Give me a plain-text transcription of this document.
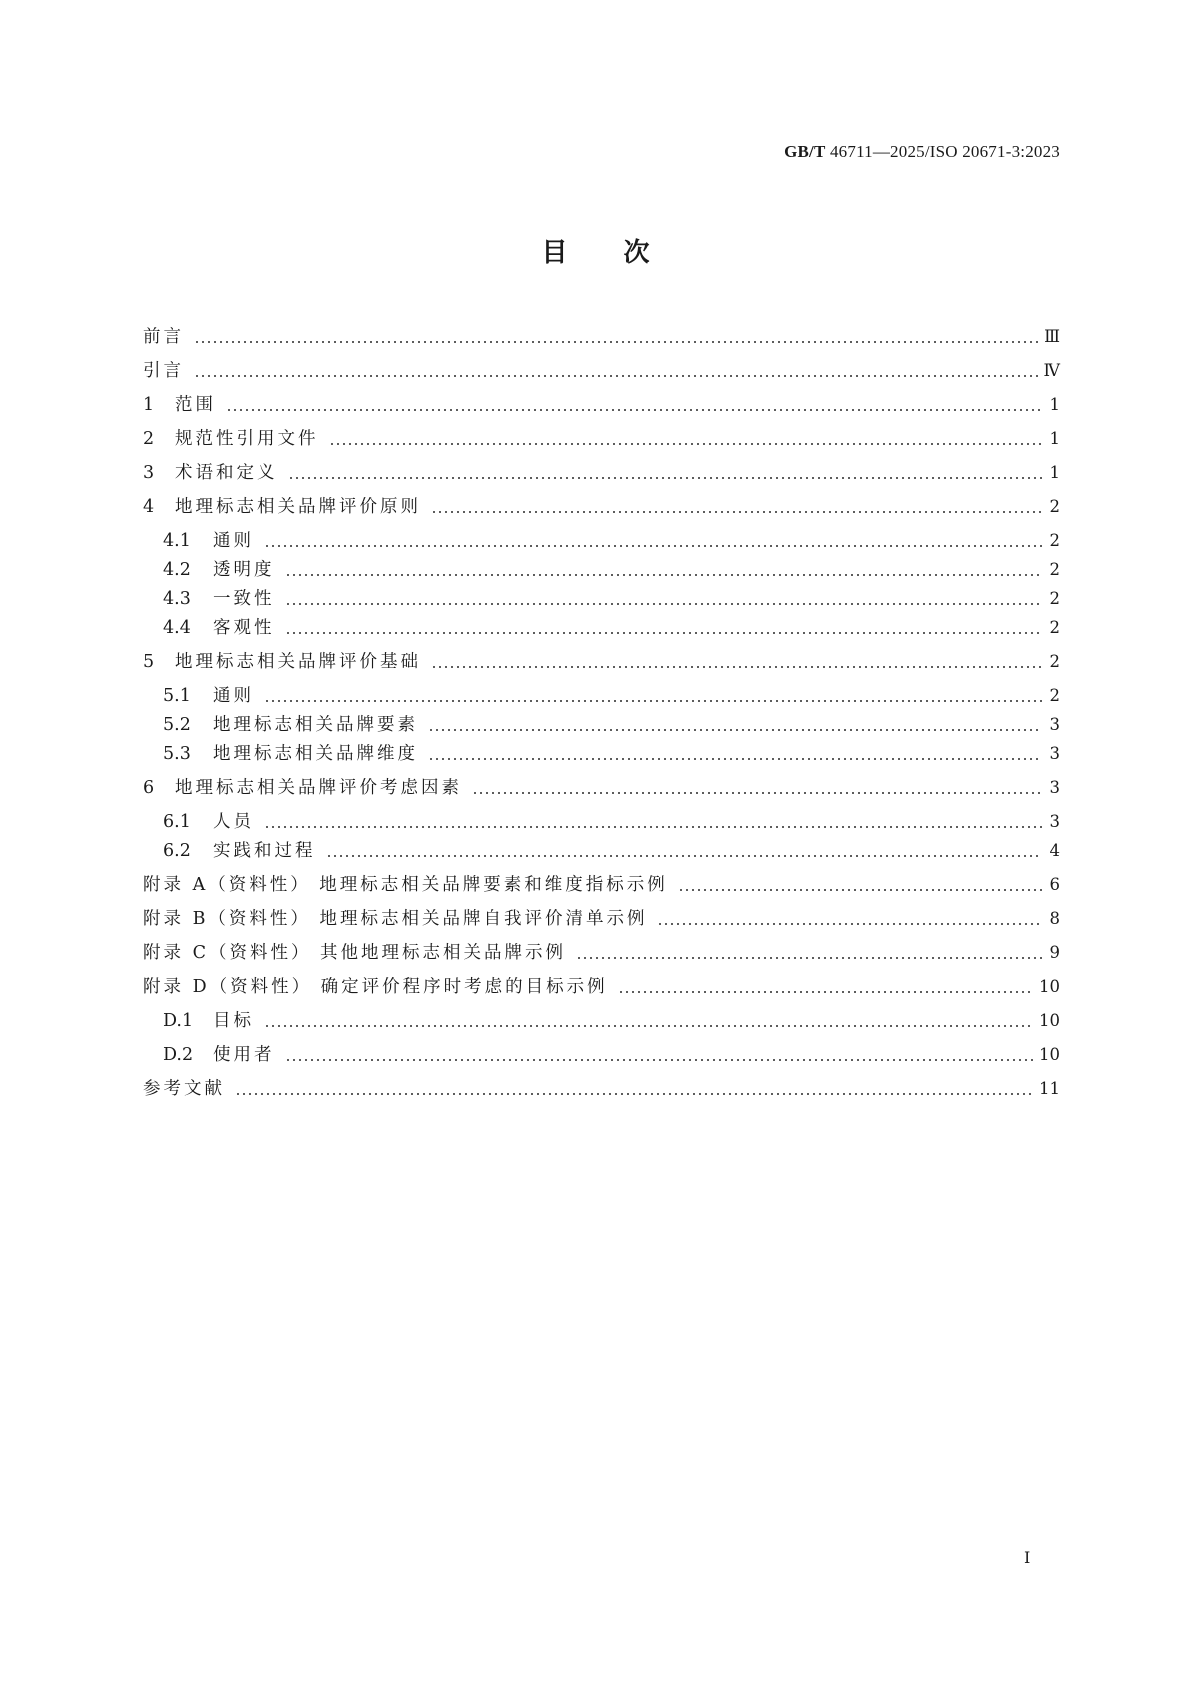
GB/T 46711—2025/ISO 20671-3:2023
目次
前言	Ⅲ
引言	Ⅳ
1	范围	1
2	规范性引用文件	1
3	术语和定义	1
4	地理标志相关品牌评价原则	2
4.1	通则	2
4.2	透明度	2
4.3	一致性	2
4.4	客观性	2
5	地理标志相关品牌评价基础	2
5.1	通则	2
5.2	地理标志相关品牌要素	3
5.3	地理标志相关品牌维度	3
6	地理标志相关品牌评价考虑因素	3
6.1	人员	3
6.2	实践和过程	4
附录 A（资料性） 地理标志相关品牌要素和维度指标示例	6
附录 B（资料性） 地理标志相关品牌自我评价清单示例	8
附录 C（资料性） 其他地理标志相关品牌示例	9
附录 D（资料性） 确定评价程序时考虑的目标示例	10
D.1	目标	10
D.2	使用者	10
参考文献	11
Ⅰ
